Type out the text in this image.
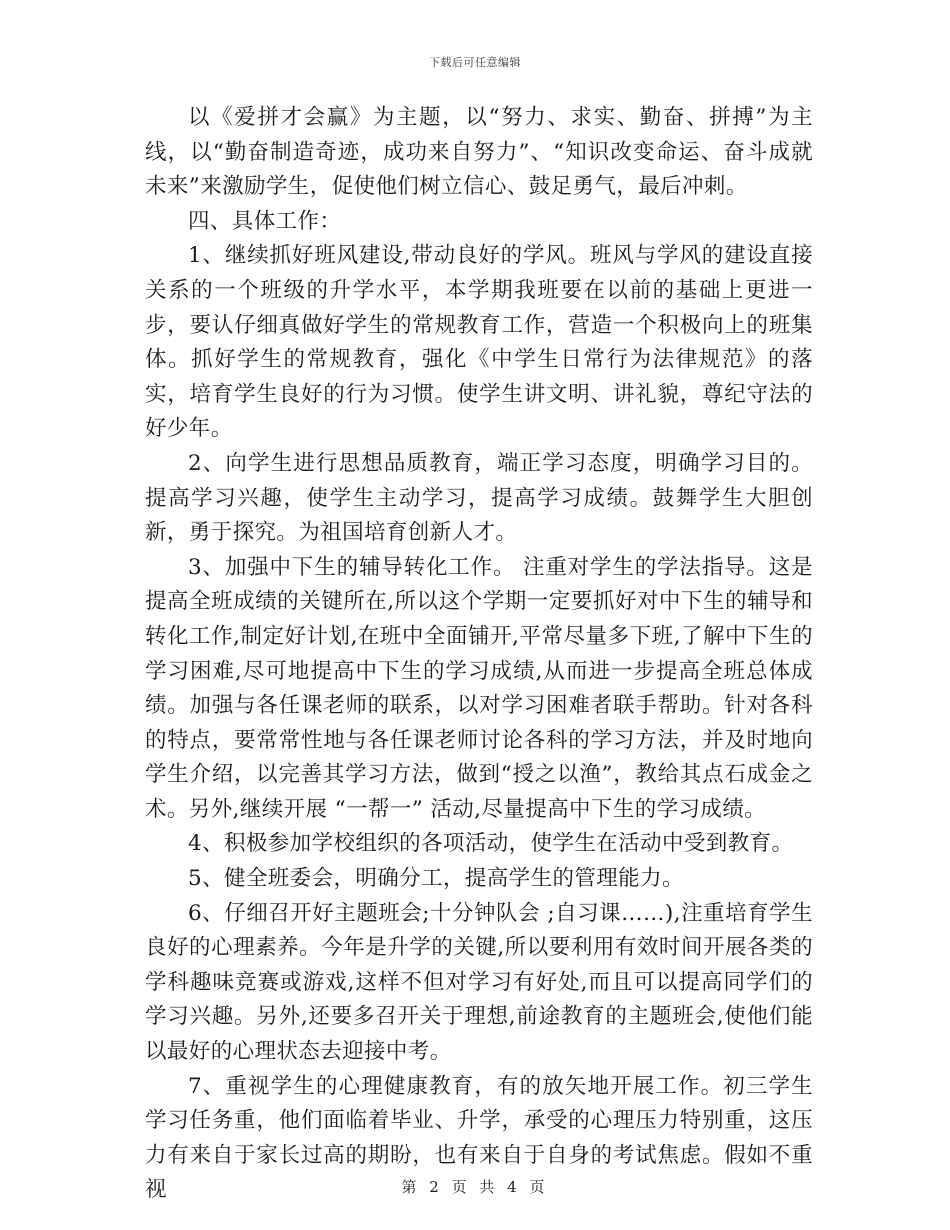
下载后可任意编辑

以《爱拼才会赢》为主题，以“努力、求实、勤奋、拼搏”为主线，以“勤奋制造奇迹，成功来自努力”、“知识改变命运、奋斗成就未来”来激励学生，促使他们树立信心、鼓足勇气，最后冲刺。

四、具体工作：

1、继续抓好班风建设,带动良好的学风。班风与学风的建设直接关系的一个班级的升学水平，本学期我班要在以前的基础上更进一步，要认仔细真做好学生的常规教育工作，营造一个积极向上的班集体。抓好学生的常规教育，强化《中学生日常行为法律规范》的落实，培育学生良好的行为习惯。使学生讲文明、讲礼貌，尊纪守法的好少年。

2、向学生进行思想品质教育，端正学习态度，明确学习目的。提高学习兴趣，使学生主动学习，提高学习成绩。鼓舞学生大胆创新，勇于探究。为祖国培育创新人才。

3、加强中下生的辅导转化工作。 注重对学生的学法指导。这是提高全班成绩的关键所在,所以这个学期一定要抓好对中下生的辅导和转化工作,制定好计划,在班中全面铺开,平常尽量多下班,了解中下生的学习困难,尽可地提高中下生的学习成绩,从而进一步提高全班总体成绩。加强与各任课老师的联系，以对学习困难者联手帮助。针对各科的特点，要常常性地与各任课老师讨论各科的学习方法，并及时地向学生介绍，以完善其学习方法，做到“授之以渔”，教给其点石成金之术。另外,继续开展 “一帮一” 活动,尽量提高中下生的学习成绩。

4、积极参加学校组织的各项活动，使学生在活动中受到教育。

5、健全班委会，明确分工，提高学生的管理能力。

6、仔细召开好主题班会;十分钟队会 ;自习课……),注重培育学生良好的心理素养。今年是升学的关键,所以要利用有效时间开展各类的学科趣味竞赛或游戏,这样不但对学习有好处,而且可以提高同学们的学习兴趣。另外,还要多召开关于理想,前途教育的主题班会,使他们能以最好的心理状态去迎接中考。

7、重视学生的心理健康教育，有的放矢地开展工作。初三学生学习任务重，他们面临着毕业、升学，承受的心理压力特别重，这压力有来自于家长过高的期盼，也有来自于自身的考试焦虑。假如不重视	第 2 页 共 4 页
